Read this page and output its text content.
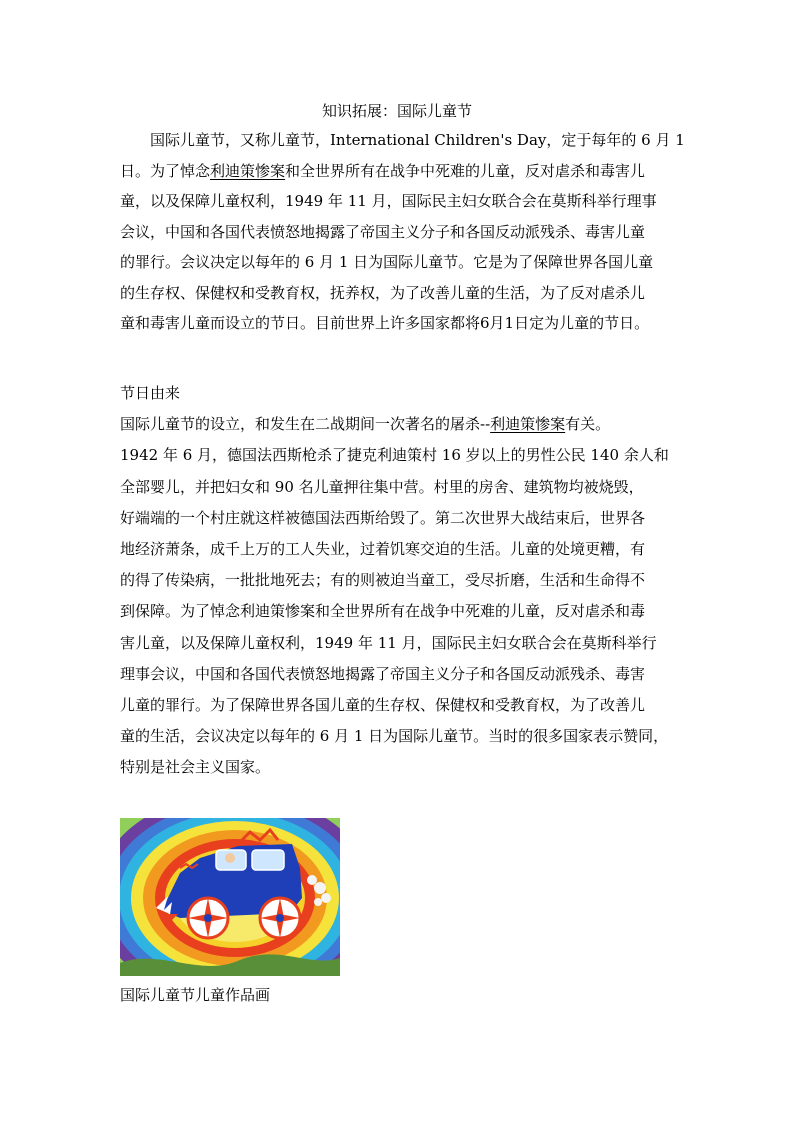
知识拓展：国际儿童节
国际儿童节，又称儿童节，International Children's Day，定于每年的 6 月 1
日。为了悼念利迪策惨案和全世界所有在战争中死难的儿童，反对虐杀和毒害儿
童，以及保障儿童权利，1949 年 11 月，国际民主妇女联合会在莫斯科举行理事
会议，中国和各国代表愤怒地揭露了帝国主义分子和各国反动派残杀、毒害儿童
的罪行。会议决定以每年的 6 月 1 日为国际儿童节。它是为了保障世界各国儿童
的生存权、保健权和受教育权，抚养权，为了改善儿童的生活，为了反对虐杀儿
童和毒害儿童而设立的节日。目前世界上许多国家都将6月1日定为儿童的节日。
节日由来
国际儿童节的设立，和发生在二战期间一次著名的屠杀--利迪策惨案有关。
1942 年 6 月，德国法西斯枪杀了捷克利迪策村 16 岁以上的男性公民 140 余人和
全部婴儿，并把妇女和 90 名儿童押往集中营。村里的房舍、建筑物均被烧毁，
好端端的一个村庄就这样被德国法西斯给毁了。第二次世界大战结束后，世界各
地经济萧条，成千上万的工人失业，过着饥寒交迫的生活。儿童的处境更糟，有
的得了传染病，一批批地死去；有的则被迫当童工，受尽折磨，生活和生命得不
到保障。为了悼念利迪策惨案和全世界所有在战争中死难的儿童，反对虐杀和毒
害儿童，以及保障儿童权利，1949 年 11 月，国际民主妇女联合会在莫斯科举行
理事会议，中国和各国代表愤怒地揭露了帝国主义分子和各国反动派残杀、毒害
儿童的罪行。为了保障世界各国儿童的生存权、保健权和受教育权，为了改善儿
童的生活，会议决定以每年的 6 月 1 日为国际儿童节。当时的很多国家表示赞同，
特别是社会主义国家。
国际儿童节儿童作品画
